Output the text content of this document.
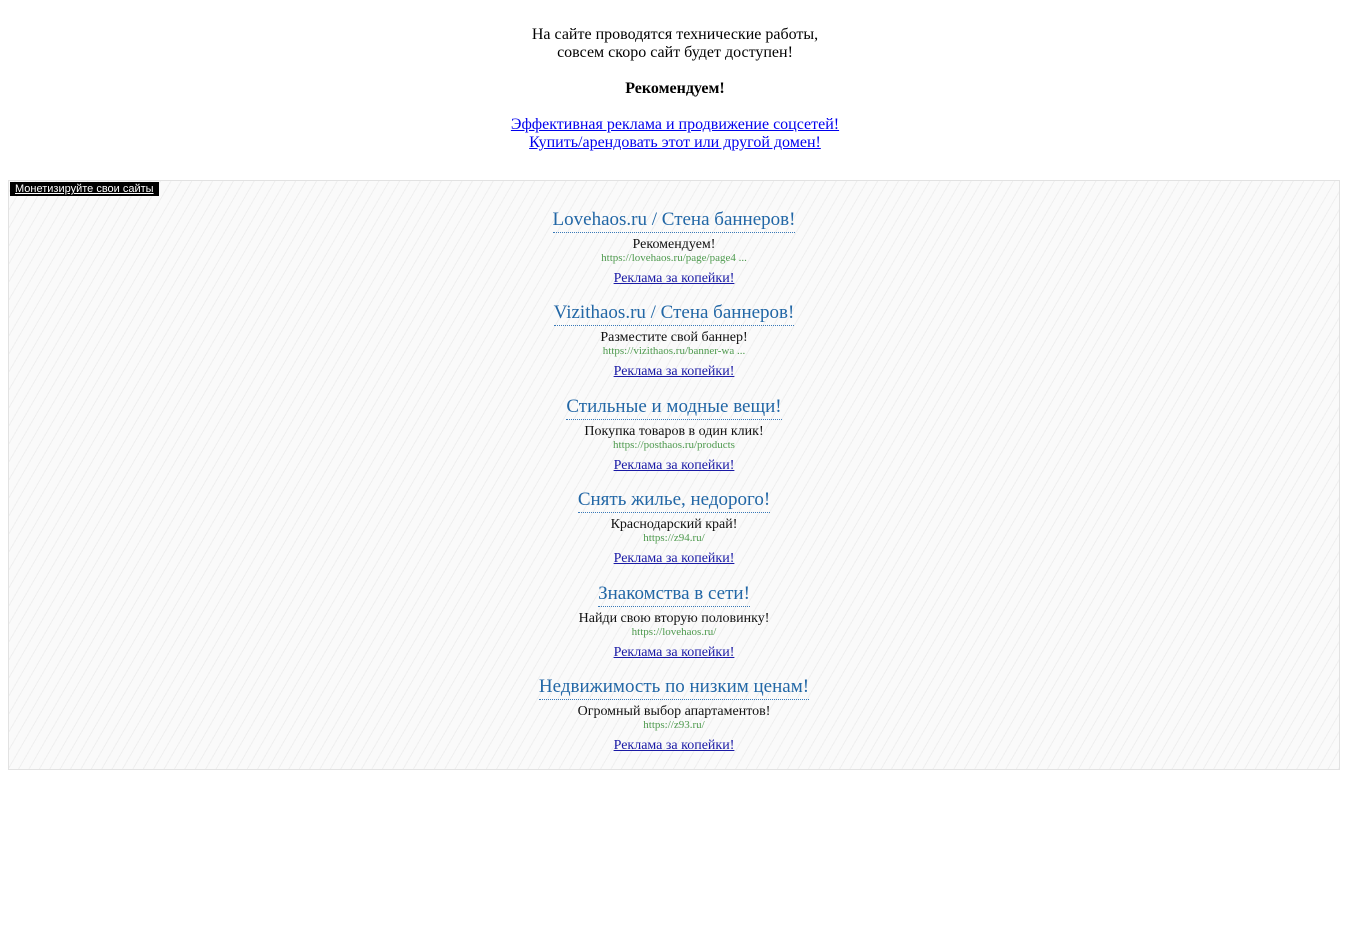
На сайте проводятся технические работы,
совсем скоро сайт будет доступен!
Рекомендуем!
Эффективная реклама и продвижение соцсетей!
Купить/арендовать этот или другой домен!
Монетизируйте свои сайты
Lovehaos.ru / Стена баннеров!
Рекомендуем!
https://lovehaos.ru/page/page4 ...
Реклама за копейки!
Vizithaos.ru / Стена баннеров!
Разместите свой баннер!
https://vizithaos.ru/banner-wa ...
Реклама за копейки!
Стильные и модные вещи!
Покупка товаров в один клик!
https://posthaos.ru/products
Реклама за копейки!
Снять жилье, недорого!
Краснодарский край!
https://z94.ru/
Реклама за копейки!
Знакомства в сети!
Найди свою вторую половинку!
https://lovehaos.ru/
Реклама за копейки!
Недвижимость по низким ценам!
Огромный выбор апартаментов!
https://z93.ru/
Реклама за копейки!
